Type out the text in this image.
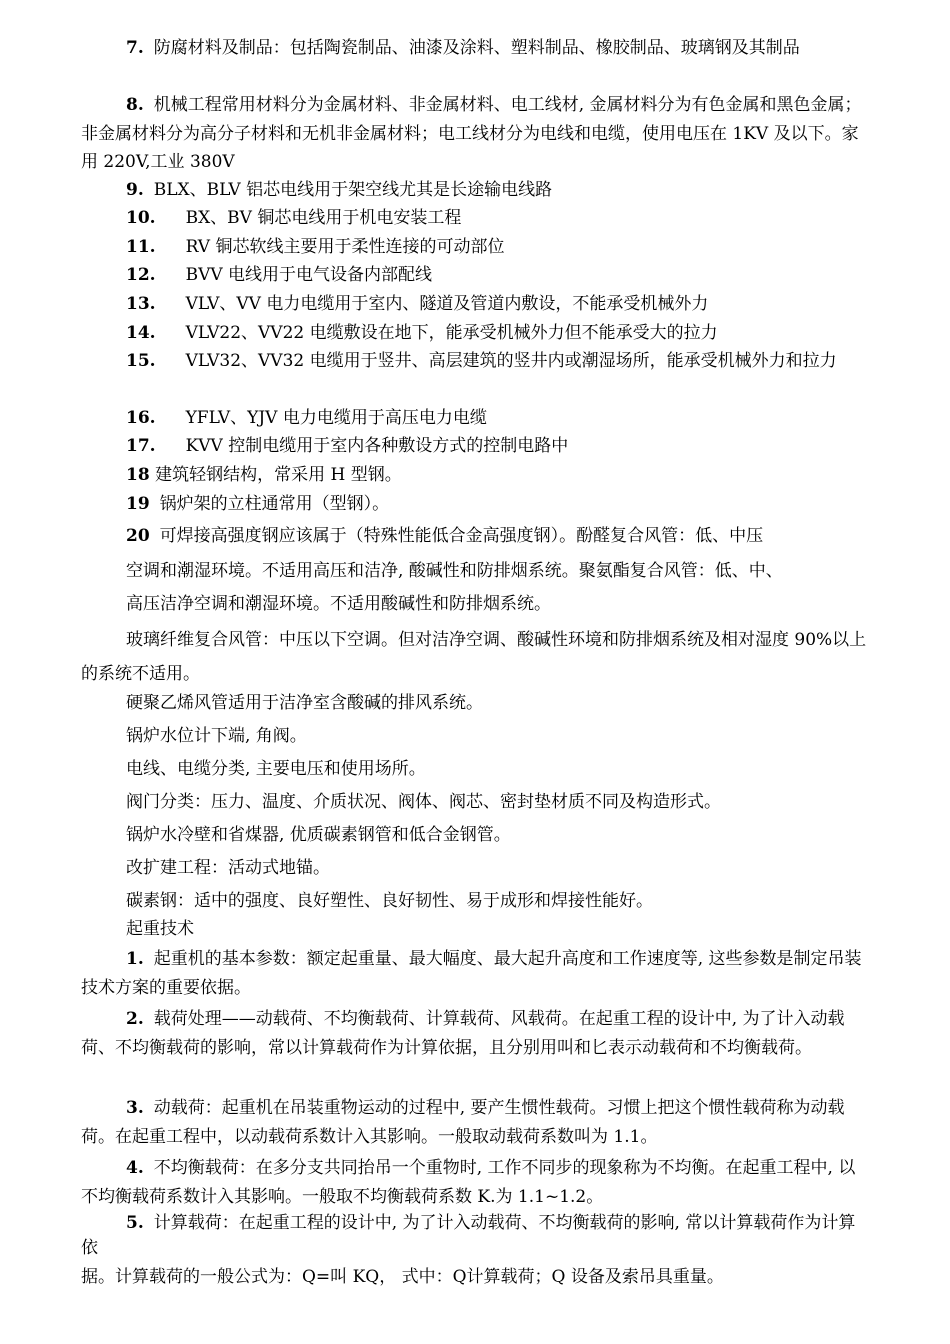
7. 防腐材料及制品：包括陶瓷制品、油漆及涂料、塑料制品、橡胶制品、玻璃钢及其制品

8. 机械工程常用材料分为金属材料、非金属材料、电工线材, 金属材料分为有色金属和黑色金属；非金属材料分为高分子材料和无机非金属材料；电工线材分为电线和电缆，使用电压在 1KV 及以下。家用 220V,工业 380V

9. BLX、BLV 铝芯电线用于架空线尤其是长途输电线路

10. BX、BV 铜芯电线用于机电安装工程

11. RV 铜芯软线主要用于柔性连接的可动部位

12. BVV 电线用于电气设备内部配线

13. VLV、VV 电力电缆用于室内、隧道及管道内敷设，不能承受机械外力

14. VLV22、VV22 电缆敷设在地下，能承受机械外力但不能承受大的拉力

15. VLV32、VV32 电缆用于竖井、高层建筑的竖井内或潮湿场所，能承受机械外力和拉力

16. YFLV、YJV 电力电缆用于高压电力电缆

17. KVV 控制电缆用于室内各种敷设方式的控制电路中

18 建筑轻钢结构，常采用 H 型钢。

19 锅炉架的立柱通常用（型钢）。

20 可焊接高强度钢应该属于（特殊性能低合金高强度钢）。酚醛复合风管：低、中压

空调和潮湿环境。不适用高压和洁净, 酸碱性和防排烟系统。聚氨酯复合风管：低、中、

高压洁净空调和潮湿环境。不适用酸碱性和防排烟系统。

玻璃纤维复合风管：中压以下空调。但对洁净空调、酸碱性环境和防排烟系统及相对湿度 90%以上的系统不适用。

硬聚乙烯风管适用于洁净室含酸碱的排风系统。

锅炉水位计下端, 角阀。

电线、电缆分类, 主要电压和使用场所。

阀门分类：压力、温度、介质状况、阀体、阀芯、密封垫材质不同及构造形式。

锅炉水冷壁和省煤器, 优质碳素钢管和低合金钢管。

改扩建工程：活动式地锚。

碳素钢：适中的强度、良好塑性、良好韧性、易于成形和焊接性能好。

起重技术

1. 起重机的基本参数：额定起重量、最大幅度、最大起升高度和工作速度等, 这些参数是制定吊装技术方案的重要依据。

2. 载荷处理——动载荷、不均衡载荷、计算载荷、风载荷。在起重工程的设计中, 为了计入动载荷、不均衡载荷的影响，常以计算载荷作为计算依据，且分别用叫和匕表示动载荷和不均衡载荷。

3. 动载荷：起重机在吊装重物运动的过程中, 要产生惯性载荷。习惯上把这个惯性载荷称为动载荷。在起重工程中，以动载荷系数计入其影响。一般取动载荷系数叫为 1.1。

4. 不均衡载荷：在多分支共同抬吊一个重物时, 工作不同步的现象称为不均衡。在起重工程中, 以不均衡载荷系数计入其影响。一般取不均衡载荷系数 K.为 1.1~1.2。

5. 计算载荷：在起重工程的设计中, 为了计入动载荷、不均衡载荷的影响, 常以计算载荷作为计算依

据。计算载荷的一般公式为：Q=叫 KQ， 式中：Q计算载荷；Q 设备及索吊具重量。
